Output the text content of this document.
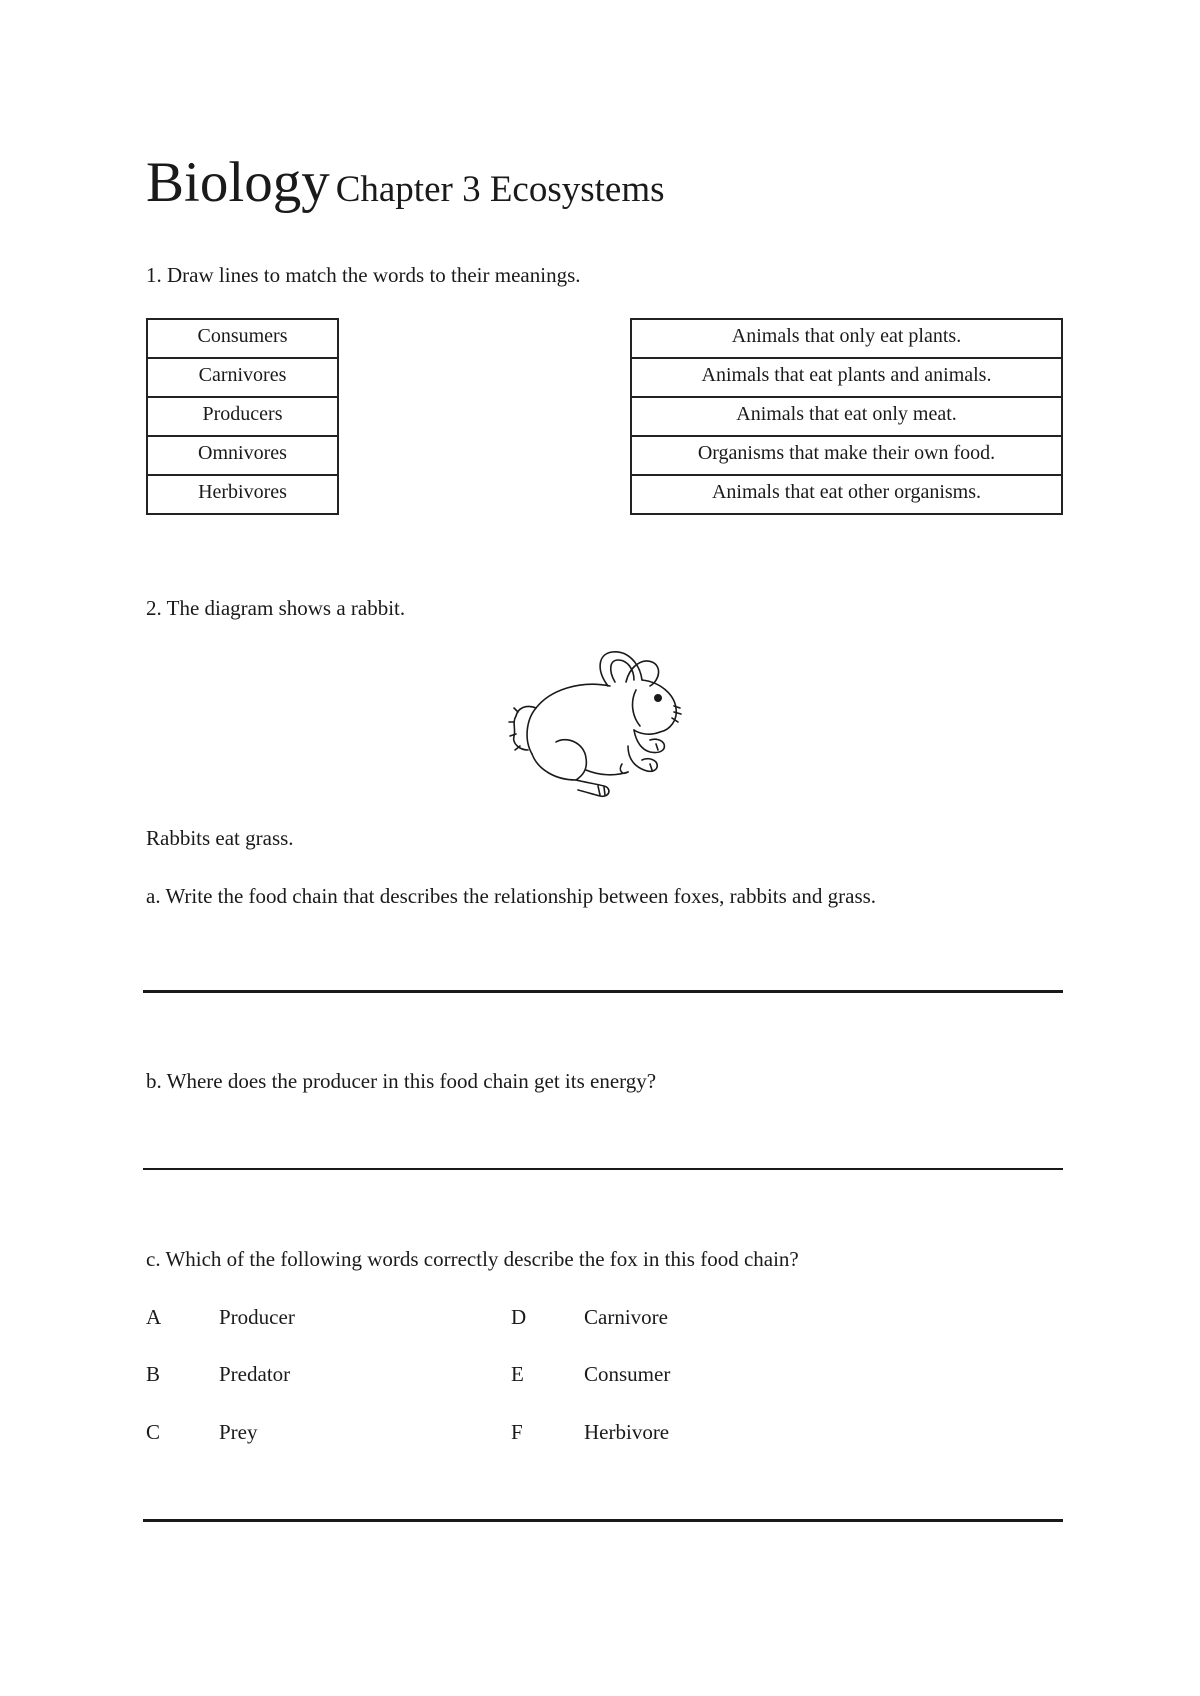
Biology Chapter 3 Ecosystems
1. Draw lines to match the words to their meanings.
Consumers
Carnivores
Producers
Omnivores
Herbivores
Animals that only eat plants.
Animals that eat plants and animals.
Animals that eat only meat.
Organisms that make their own food.
Animals that eat other organisms.
2. The diagram shows a rabbit.
Rabbits eat grass.
a. Write the food chain that describes the relationship between foxes, rabbits and grass.
b. Where does the producer in this food chain get its energy?
c. Which of the following words correctly describe the fox in this food chain?
A	Producer
B	Predator
C	Prey
D	Carnivore
E	Consumer
F	Herbivore
